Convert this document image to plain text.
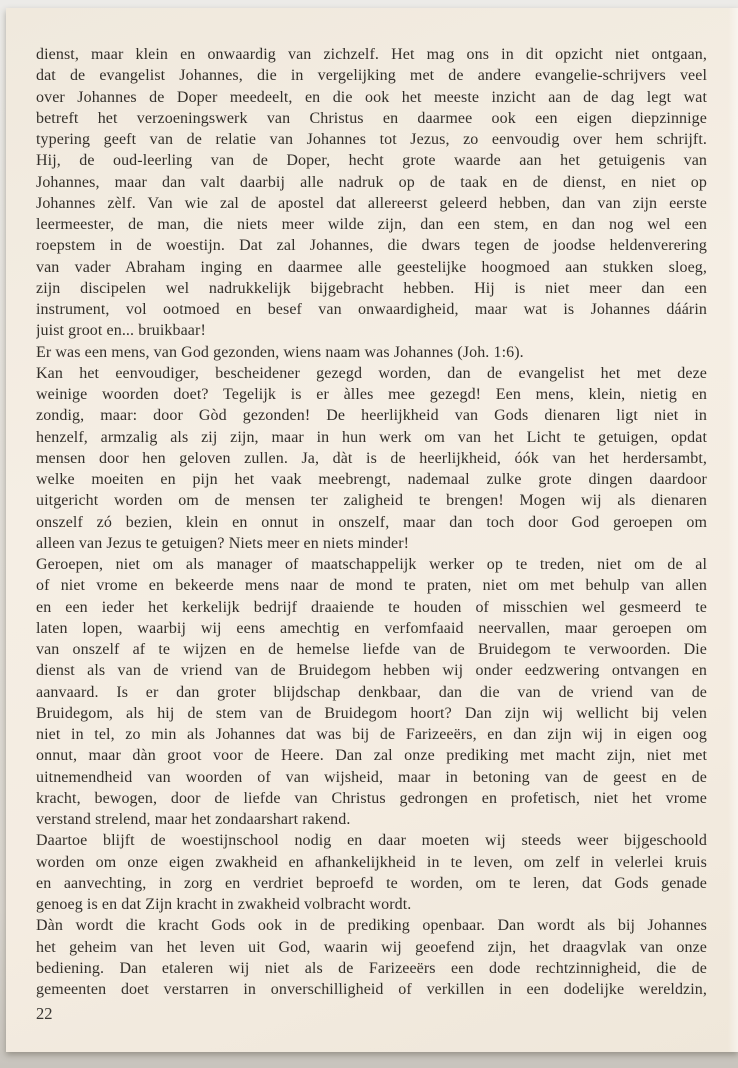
dienst, maar klein en onwaardig van zichzelf. Het mag ons in dit opzicht niet ontgaan,
dat de evangelist Johannes, die in vergelijking met de andere evangelie-schrijvers veel
over Johannes de Doper meedeelt, en die ook het meeste inzicht aan de dag legt wat
betreft het verzoeningswerk van Christus en daarmee ook een eigen diepzinnige
typering geeft van de relatie van Johannes tot Jezus, zo eenvoudig over hem schrijft.
Hij, de oud-leerling van de Doper, hecht grote waarde aan het getuigenis van
Johannes, maar dan valt daarbij alle nadruk op de taak en de dienst, en niet op
Johannes zèlf. Van wie zal de apostel dat allereerst geleerd hebben, dan van zijn eerste
leermeester, de man, die niets meer wilde zijn, dan een stem, en dan nog wel een
roepstem in de woestijn. Dat zal Johannes, die dwars tegen de joodse heldenverering
van vader Abraham inging en daarmee alle geestelijke hoogmoed aan stukken sloeg,
zijn discipelen wel nadrukkelijk bijgebracht hebben. Hij is niet meer dan een
instrument, vol ootmoed en besef van onwaardigheid, maar wat is Johannes dáárin
juist groot en... bruikbaar!
Er was een mens, van God gezonden, wiens naam was Johannes (Joh. 1:6).
Kan het eenvoudiger, bescheidener gezegd worden, dan de evangelist het met deze
weinige woorden doet? Tegelijk is er àlles mee gezegd! Een mens, klein, nietig en
zondig, maar: door Gòd gezonden! De heerlijkheid van Gods dienaren ligt niet in
henzelf, armzalig als zij zijn, maar in hun werk om van het Licht te getuigen, opdat
mensen door hen geloven zullen. Ja, dàt is de heerlijkheid, óók van het herdersambt,
welke moeiten en pijn het vaak meebrengt, nademaal zulke grote dingen daardoor
uitgericht worden om de mensen ter zaligheid te brengen! Mogen wij als dienaren
onszelf zó bezien, klein en onnut in onszelf, maar dan toch door God geroepen om
alleen van Jezus te getuigen? Niets meer en niets minder!
Geroepen, niet om als manager of maatschappelijk werker op te treden, niet om de al
of niet vrome en bekeerde mens naar de mond te praten, niet om met behulp van allen
en een ieder het kerkelijk bedrijf draaiende te houden of misschien wel gesmeerd te
laten lopen, waarbij wij eens amechtig en verfomfaaid neervallen, maar geroepen om
van onszelf af te wijzen en de hemelse liefde van de Bruidegom te verwoorden. Die
dienst als van de vriend van de Bruidegom hebben wij onder eedzwering ontvangen en
aanvaard. Is er dan groter blijdschap denkbaar, dan die van de vriend van de
Bruidegom, als hij de stem van de Bruidegom hoort? Dan zijn wij wellicht bij velen
niet in tel, zo min als Johannes dat was bij de Farizeeërs, en dan zijn wij in eigen oog
onnut, maar dàn groot voor de Heere. Dan zal onze prediking met macht zijn, niet met
uitnemendheid van woorden of van wijsheid, maar in betoning van de geest en de
kracht, bewogen, door de liefde van Christus gedrongen en profetisch, niet het vrome
verstand strelend, maar het zondaarshart rakend.
Daartoe blijft de woestijnschool nodig en daar moeten wij steeds weer bijgeschoold
worden om onze eigen zwakheid en afhankelijkheid in te leven, om zelf in velerlei kruis
en aanvechting, in zorg en verdriet beproefd te worden, om te leren, dat Gods genade
genoeg is en dat Zijn kracht in zwakheid volbracht wordt.
Dàn wordt die kracht Gods ook in de prediking openbaar. Dan wordt als bij Johannes
het geheim van het leven uit God, waarin wij geoefend zijn, het draagvlak van onze
bediening. Dan etaleren wij niet als de Farizeeërs een dode rechtzinnigheid, die de
gemeenten doet verstarren in onverschilligheid of verkillen in een dodelijke wereldzin,
22
